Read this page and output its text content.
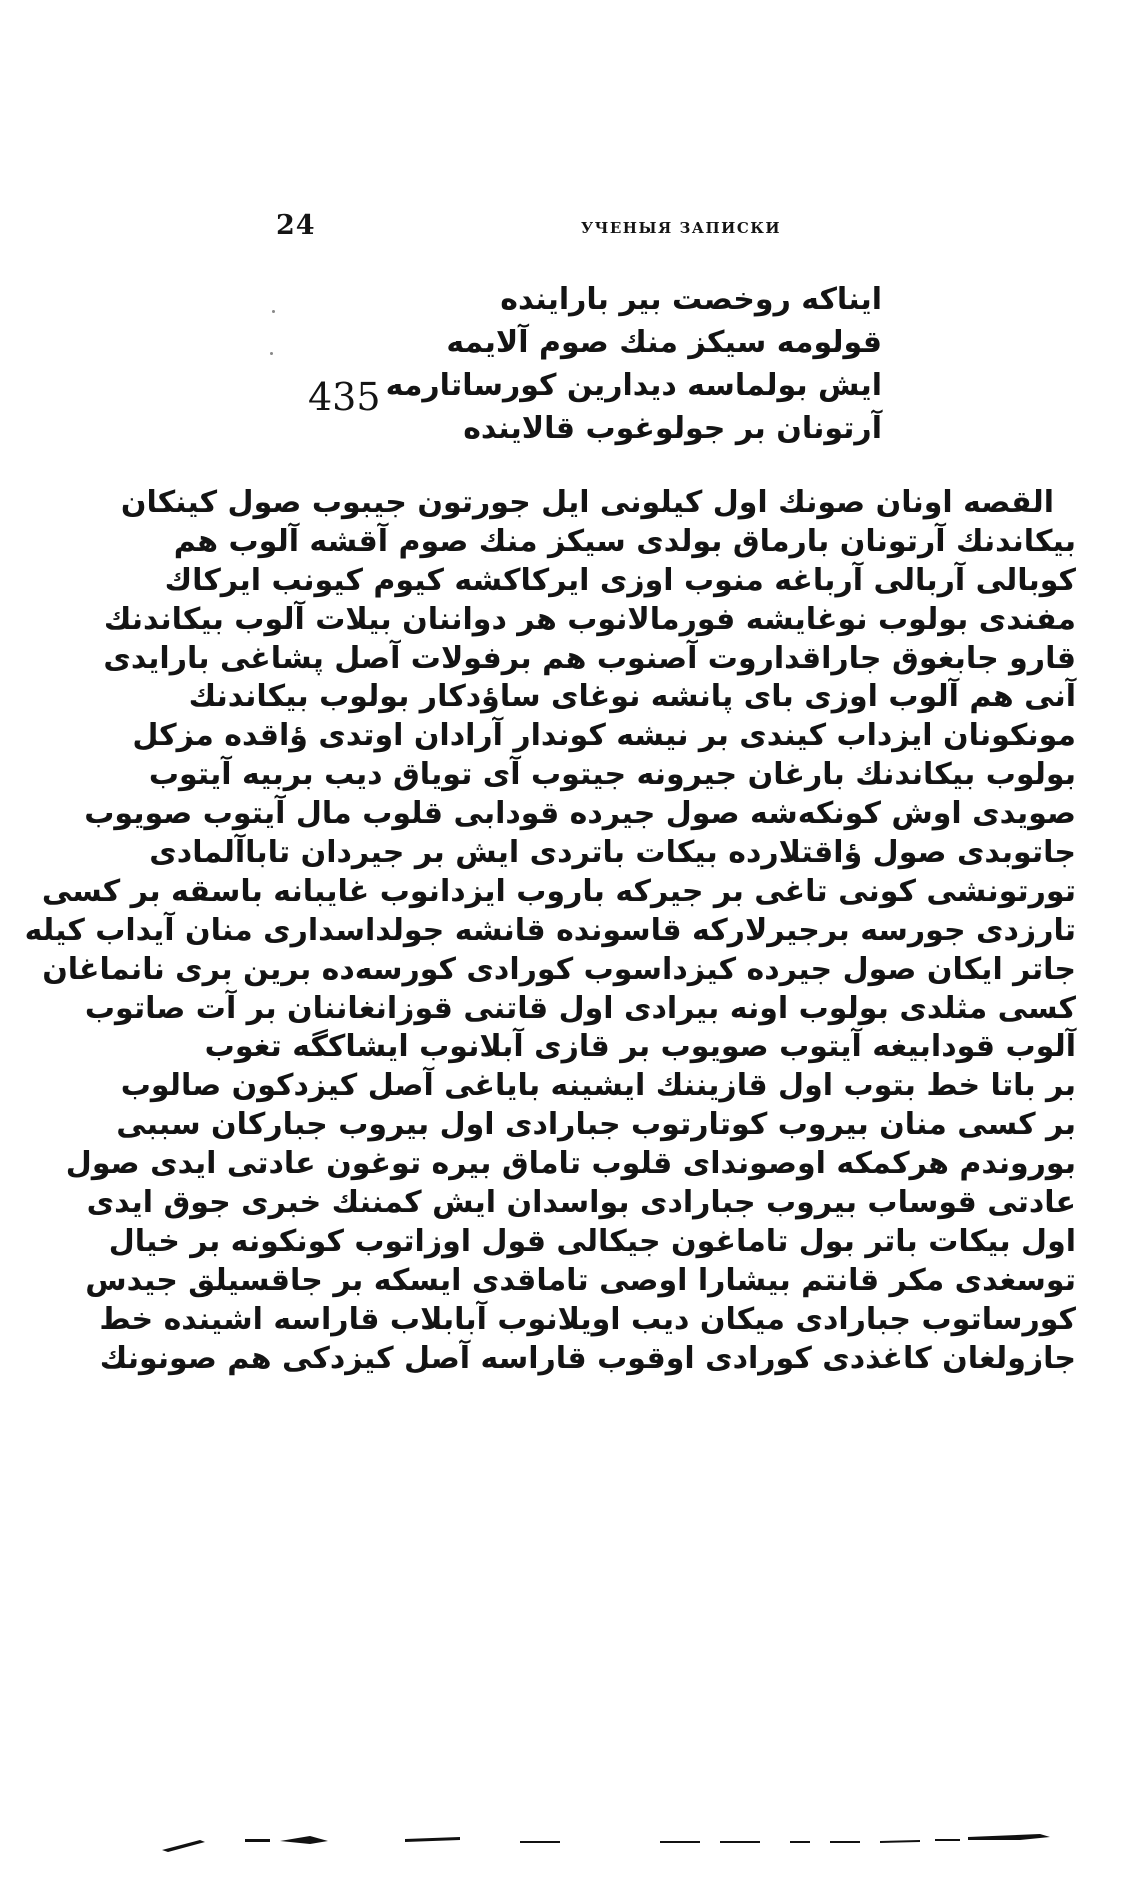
24	УЧЕНЫЯ ЗАПИСКИ
435
ایناکه روخصت بیر باراینده
قولومه سیکز منك صوم آلایمه
ایش بولماسه دیدارین کورساتارمه
آرتونان بر جولوغوب قالاینده
القصه اونان صونك اول کیلونی ایل جورتون جیبوب صول کینکان
بیکاندنك آرتونان بارماق بولدی سیکز منك صوم آقشه آلوب هم
کوبالی آربالی آرباغه منوب اوزی ایرکاکشه کیوم کیونب ایرکاك
مفندی بولوب نوغایشه فورمالانوب هر دواننان بیلات آلوب بیکاندنك
قارو جابغوق جاراقداروت آصنوب هم برفولات آصل پشاغی بارایدی
آنی هم آلوب اوزی بای پانشه نوغای ساؤدکار بولوب بیکاندنك
مونکونان ایزداب کیندی بر نیشه کوندار آرادان اوتدی ؤاقده مزکل
بولوب بیکاندنك بارغان جیرونه جیتوب آی تویاق دیب بربیه آیتوب
صویدی اوش کونکه‌شه صول جیرده قودابی قلوب مال آیتوب صویوب
جاتوبدی صول ؤاقتلارده بیکات باتردی ایش بر جیردان تاباآلمادی
تورتونشی کونی تاغی بر جیرکه باروب ایزدانوب غایبانه باسقه بر کسی
تارزدی جورسه برجیرلارکه قاسونده قانشه جولداسداری منان آیداب کیله
جاتر ایکان صول جیرده کیزداسوب کورادی کورسه‌ده برین بری نانماغان
کسی مثلدی بولوب اونه بیرادی اول قاتنی قوزانغاننان بر آت صاتوب
آلوب قودابیغه آیتوب صویوب بر قازی آبلانوب ایشاکگه تغوب
بر باتا خط بتوب اول قازیننك ایشینه بایاغی آصل کیزدکون صالوب
بر کسی منان بیروب کوتارتوب جبارادی اول بیروب جبارکان سببی
بوروندم هرکمکه اوصوندای قلوب تاماق بیره توغون عادتی ایدی صول
عادتی قوساب بیروب جبارادی بواسدان ایش کمننك خبری جوق ایدی
اول بیکات باتر بول تاماغون جیکالی قول اوزاتوب کونکونه بر خیال
توسغدی مکر قانتم بیشارا اوصی تاماقدی ایسکه بر جاقسیلق جیدس
کورساتوب جبارادی میکان دیب اویلانوب آبابلاب قاراسه اشینده خط
جازولغان کاغذدی کورادی اوقوب قاراسه آصل کیزدکی هم صونونك
